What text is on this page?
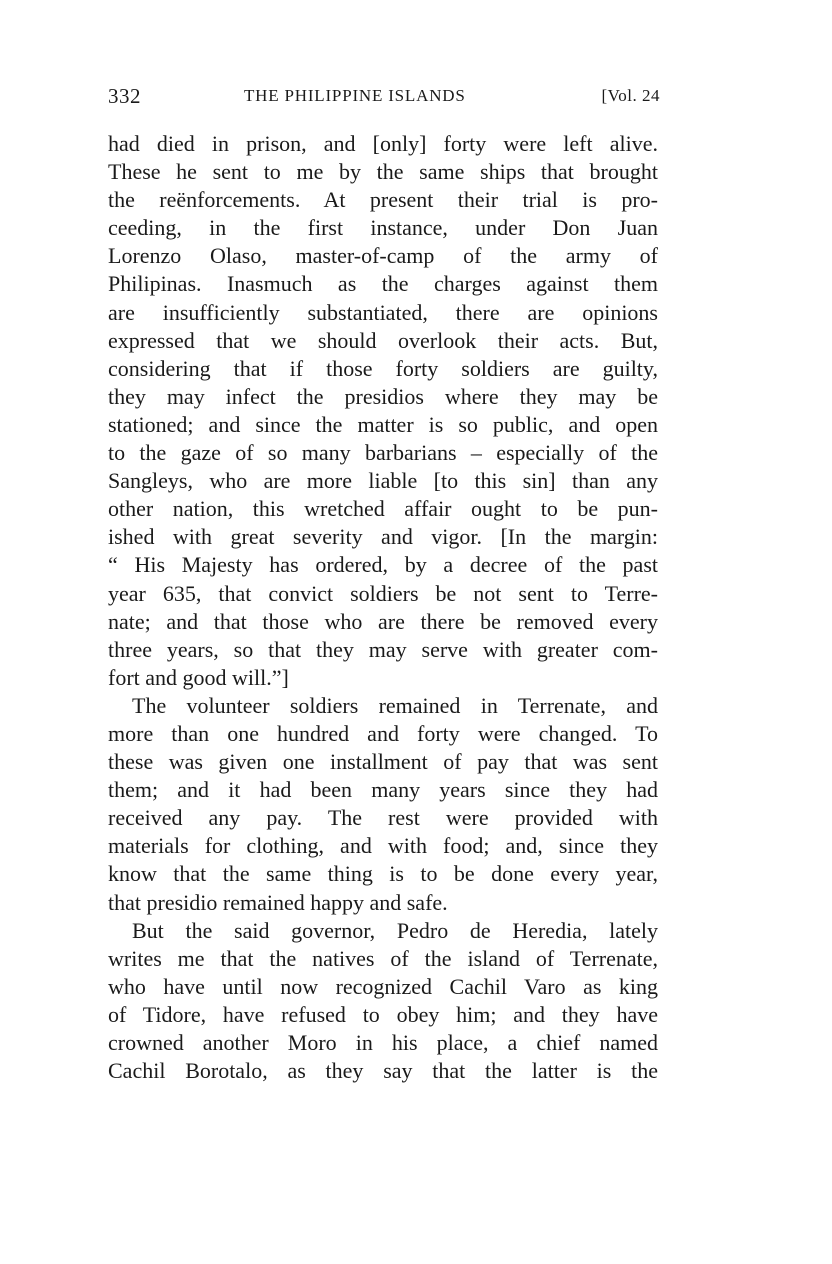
332	THE PHILIPPINE ISLANDS	[Vol. 24
had died in prison, and [only] forty were left alive.
These he sent to me by the same ships that brought
the reënforcements. At present their trial is pro-
ceeding, in the first instance, under Don Juan
Lorenzo Olaso, master-of-camp of the army of
Philipinas. Inasmuch as the charges against them
are insufficiently substantiated, there are opinions
expressed that we should overlook their acts. But,
considering that if those forty soldiers are guilty,
they may infect the presidios where they may be
stationed; and since the matter is so public, and open
to the gaze of so many barbarians – especially of the
Sangleys, who are more liable [to this sin] than any
other nation, this wretched affair ought to be pun-
ished with great severity and vigor. [In the margin:
“ His Majesty has ordered, by a decree of the past
year 635, that convict soldiers be not sent to Terre-
nate; and that those who are there be removed every
three years, so that they may serve with greater com-
fort and good will.”]
The volunteer soldiers remained in Terrenate, and
more than one hundred and forty were changed. To
these was given one installment of pay that was sent
them; and it had been many years since they had
received any pay. The rest were provided with
materials for clothing, and with food; and, since they
know that the same thing is to be done every year,
that presidio remained happy and safe.
But the said governor, Pedro de Heredia, lately
writes me that the natives of the island of Terrenate,
who have until now recognized Cachil Varo as king
of Tidore, have refused to obey him; and they have
crowned another Moro in his place, a chief named
Cachil Borotalo, as they say that the latter is the
